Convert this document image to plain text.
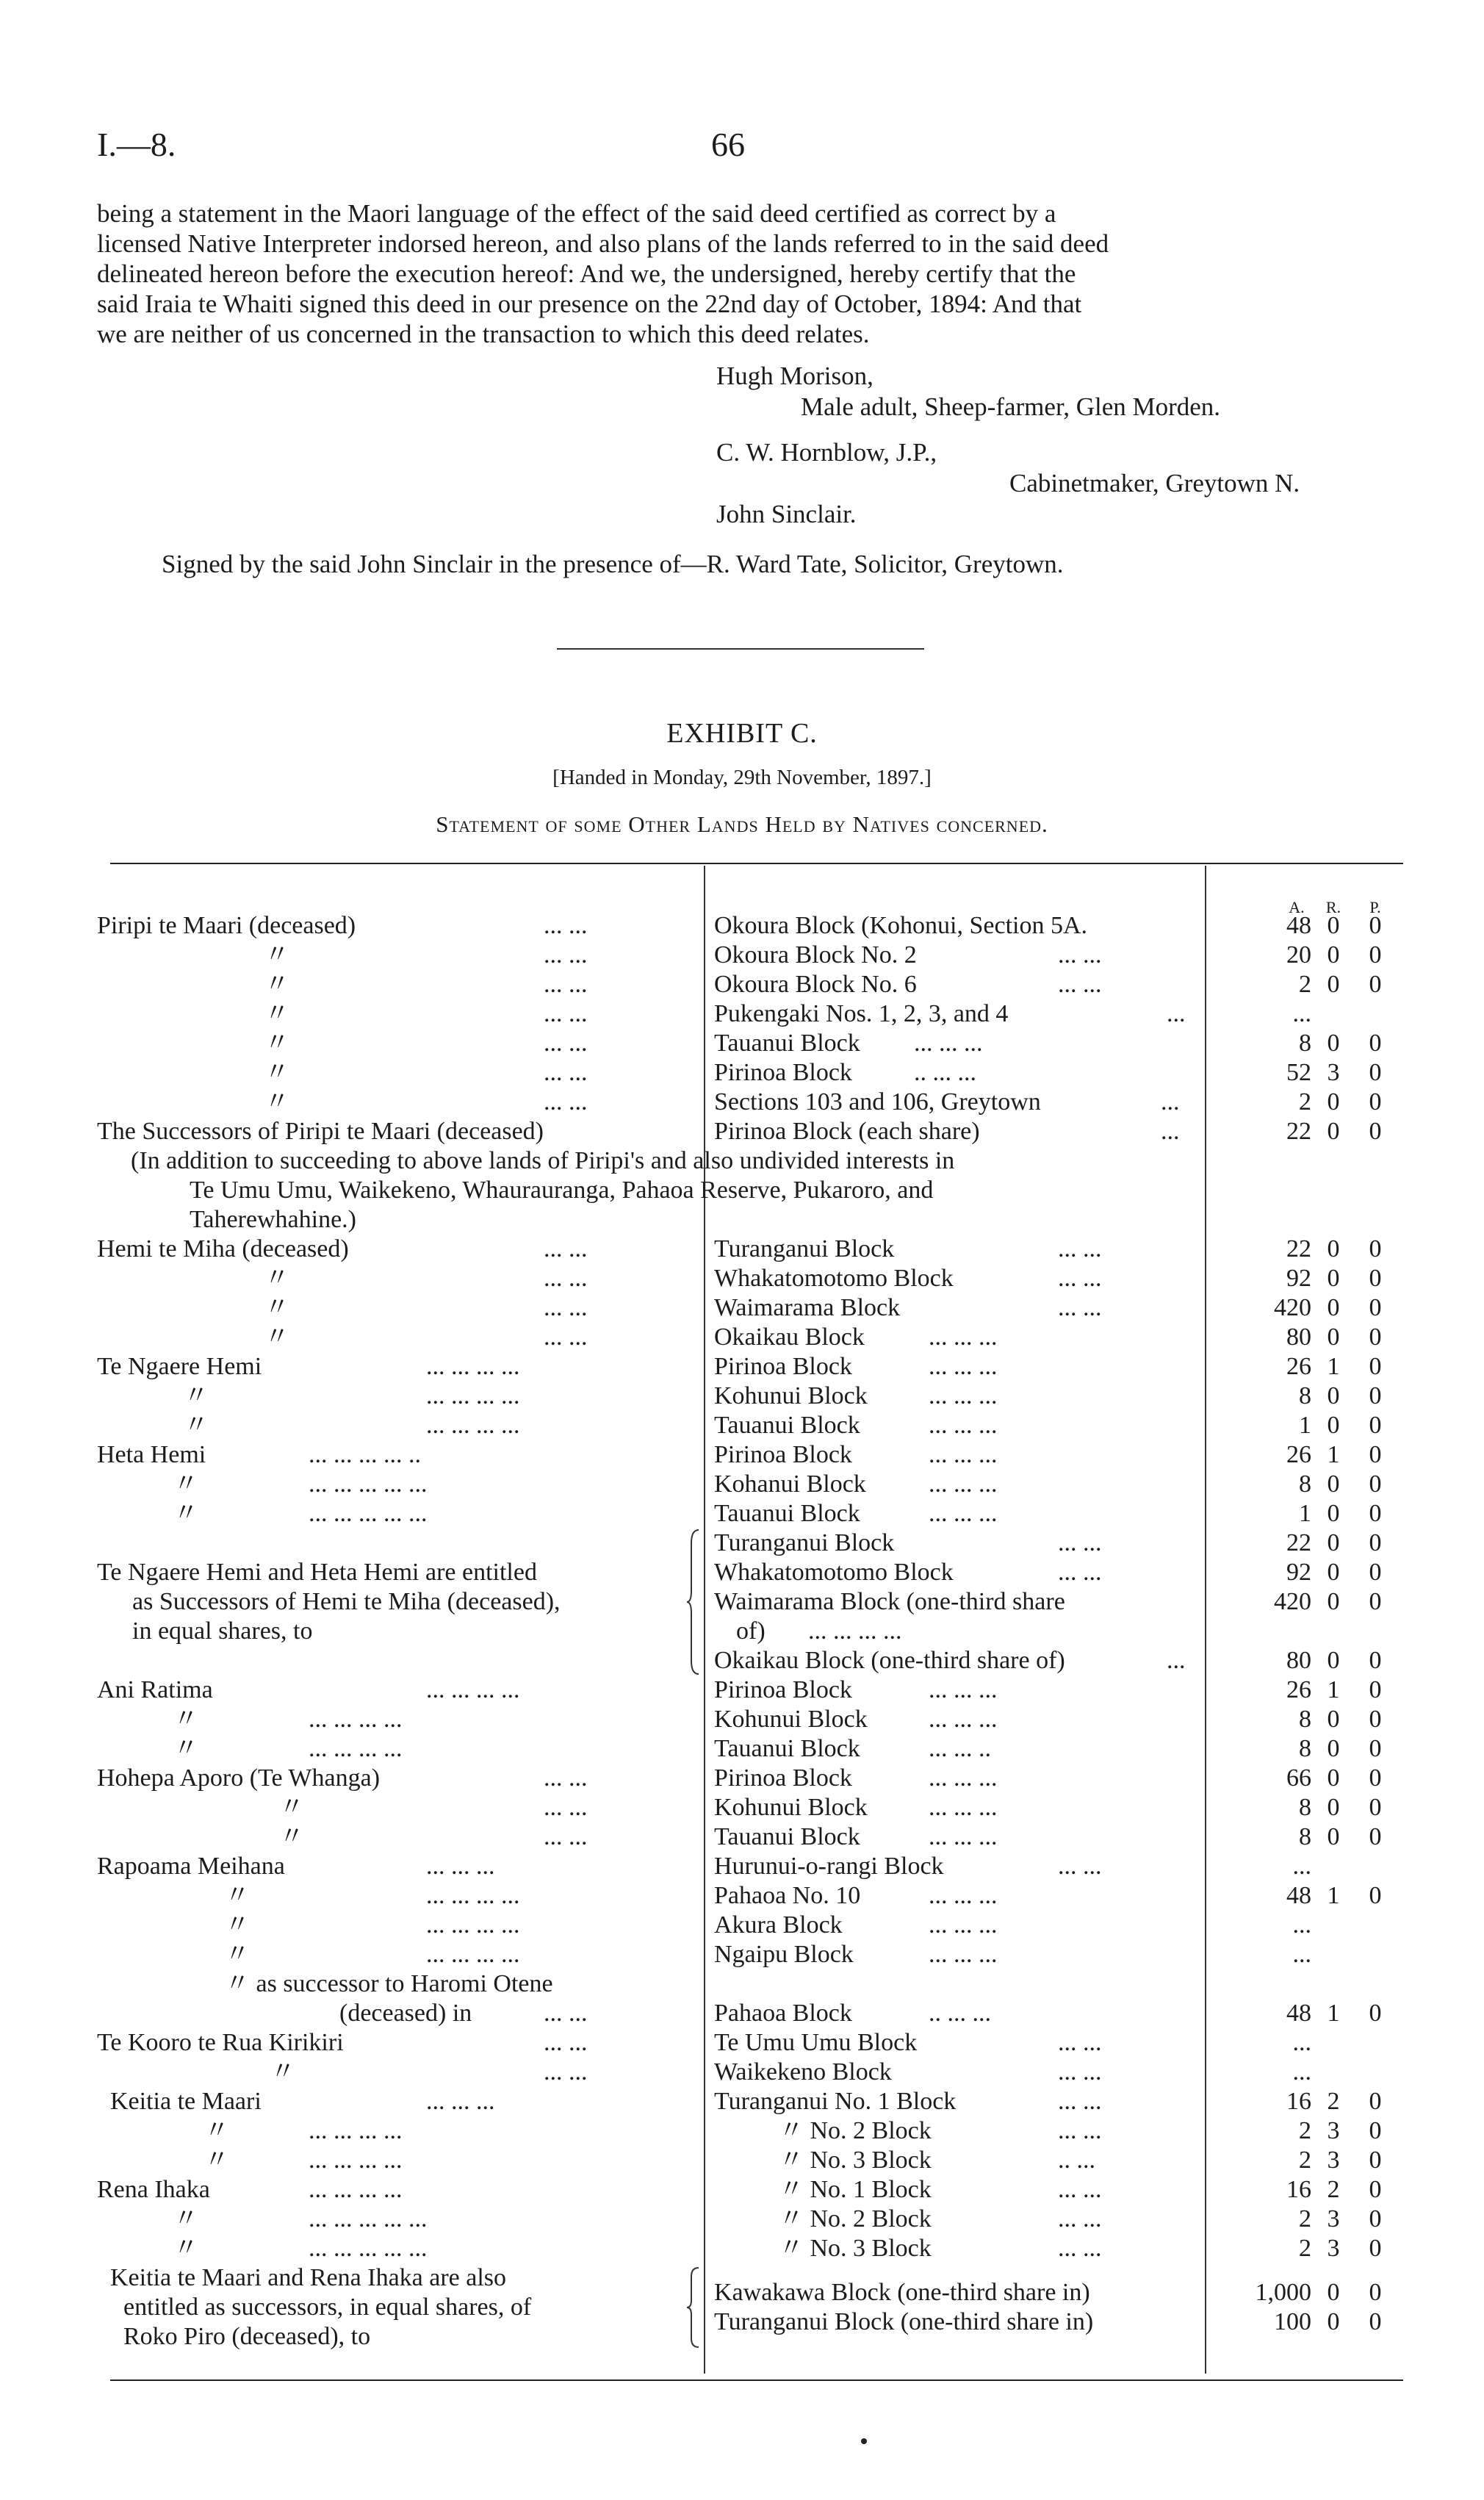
I.—8.	66
being a statement in the Maori language of the effect of the said deed certified as correct by a
licensed Native Interpreter indorsed hereon, and also plans of the lands referred to in the said deed
delineated hereon before the execution hereof: And we, the undersigned, hereby certify that the
said Iraia te Whaiti signed this deed in our presence on the 22nd day of October, 1894: And that
we are neither of us concerned in the transaction to which this deed relates.
Hugh Morison,
Male adult, Sheep-farmer, Glen Morden.
C. W. Hornblow, J.P.,
Cabinetmaker, Greytown N.
John Sinclair.
Signed by the said John Sinclair in the presence of—R. Ward Tate, Solicitor, Greytown.
EXHIBIT C.
[Handed in Monday, 29th November, 1897.]
Statement of some Other Lands Held by Natives concerned.
A.	R.	P.
Piripi te Maari (deceased)	... ...	Okoura Block (Kohonui, Section 5A.	48 0	0
〃	... ...	Okoura Block No. 2	... ...	20 0	0
〃	... ...	Okoura Block No. 6	... ...	2 0	0
〃	... ...	Pukengaki Nos. 1, 2, 3, and 4	...	...
〃	... ...	Tauanui Block ... ... ...	8 0	0
〃	... ...	Pirinoa Block .. ... ...	52 3	0
〃	... ...	Sections 103 and 106, Greytown	...	2 0	0
The Successors of Piripi te Maari (deceased)	Pirinoa Block (each share)	...	22 0	0
(In addition to succeeding to above lands of Piripi's and also undivided interests in
Te Umu Umu, Waikekeno, Whaurauranga, Pahaoa Reserve, Pukaroro, and
Taherewhahine.)
Hemi te Miha (deceased)	... ...	Turanganui Block	... ...	22 0	0
〃	... ...	Whakatomotomo Block	... ...	92 0	0
〃	... ...	Waimarama Block	... ...	420 0	0
〃	... ...	Okaikau Block	... ... ...	80 0	0
Te Ngaere Hemi	... ... ... ...	Pirinoa Block	... ... ...	26 1	0
〃	... ... ... ...	Kohunui Block ... ... ...	8 0	0
〃	... ... ... ...	Tauanui Block	... ... ...	1 0	0
Heta Hemi	... ... ... ... ..	Pirinoa Block	... ... ...	26 1	0
〃	... ... ... ... ...	Kohanui Block	... ... ...	8 0	0
〃	... ... ... ... ...	Tauanui Block	... ... ...	1 0	0
Te Ngaere Hemi and Heta Hemi are entitled
as Successors of Hemi te Miha (deceased),
in equal shares, to
Turanganui Block	... ...	22 0	0
Whakatomotomo Block	... ...	92 0	0
Waimarama Block (one-third share	420 0	0
of) ... ... ... ...
Okaikau Block (one-third share of)	...	80 0	0
Ani Ratima	... ... ... ...	Pirinoa Block	... ... ...	26 1	0
〃	... ... ... ...	Kohunui Block ... ... ...	8 0	0
〃	... ... ... ...	Tauanui Block	... ... ..	8 0	0
Hohepa Aporo (Te Whanga)	... ...	Pirinoa Block	... ... ...	66 0	0
〃	... ...	Kohunui Block ... ... ...	8 0	0
〃	... ...	Tauanui Block	... ... ...	8 0	0
Rapoama Meihana	... ... ...	Hurunui-o-rangi Block	... ...	...
〃	... ... ... ...	Pahaoa No. 10	... ... ...	48 1	0
〃	... ... ... ...	Akura Block	... ... ...	...
〃	... ... ... ...	Ngaipu Block	... ... ...	...
〃 as successor to Haromi Otene
(deceased) in	... ...	Pahaoa Block	.. ... ...	48 1	0
Te Kooro te Rua Kirikiri	... ...	Te Umu Umu Block	... ...	...
〃	... ...	Waikekeno Block	... ...	...
Keitia te Maari	... ... ...	Turanganui No. 1 Block	... ...	16 2	0
〃	... ... ... ...	〃 No. 2 Block	... ...	2 3	0
〃	... ... ... ...	〃 No. 3 Block	.. ...	2 3	0
Rena Ihaka	... ... ... ...	〃 No. 1 Block	... ...	16 2	0
〃	... ... ... ... ...	〃 No. 2 Block	... ...	2 3	0
〃	... ... ... ... ...	〃 No. 3 Block	... ...	2 3	0
Keitia te Maari and Rena Ihaka are also
entitled as successors, in equal shares, of
Roko Piro (deceased), to
Kawakawa Block (one-third share in)	1,000 0	0
Turanganui Block (one-third share in)	100 0	0
